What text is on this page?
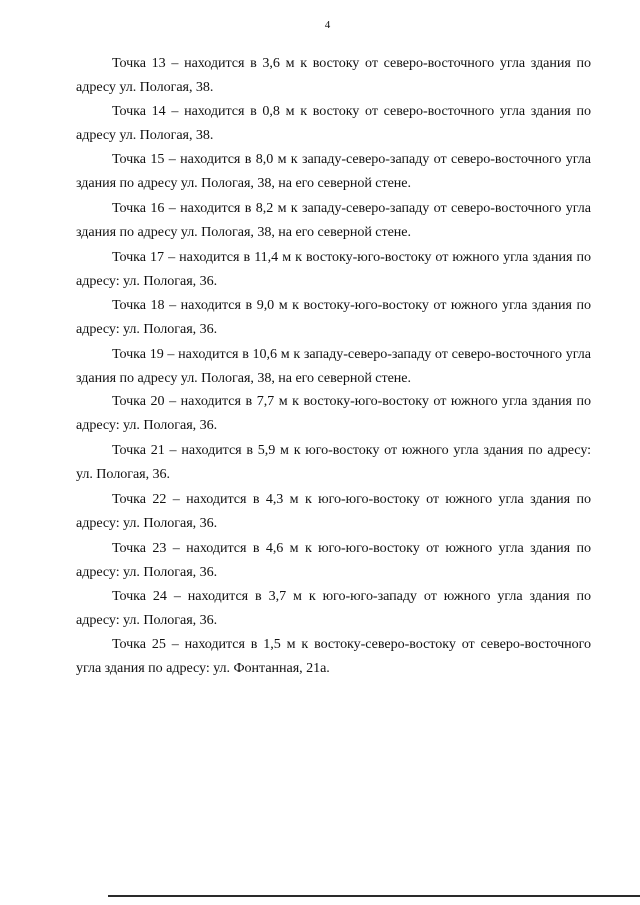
4

Точка 13 – находится в 3,6 м к востоку от северо-восточного угла здания по адресу ул. Пологая, 38.

Точка 14 – находится в 0,8 м к востоку от северо-восточного угла здания по адресу ул. Пологая, 38.

Точка 15 – находится в 8,0 м к западу-северо-западу от северо-восточного угла здания по адресу ул. Пологая, 38, на его северной стене.

Точка 16 – находится в 8,2 м к западу-северо-западу от северо-восточного угла здания по адресу ул. Пологая, 38, на его северной стене.

Точка 17 – находится в 11,4 м к востоку-юго-востоку от южного угла здания по адресу: ул. Пологая, 36.

Точка 18 – находится в 9,0 м к востоку-юго-востоку от южного угла здания по адресу: ул. Пологая, 36.

Точка 19 – находится в 10,6 м к западу-северо-западу от северо-восточного угла здания по адресу ул. Пологая, 38, на его северной стене.

Точка 20 – находится в 7,7 м к востоку-юго-востоку от южного угла здания по адресу: ул. Пологая, 36.

Точка 21 – находится в 5,9 м к юго-востоку от южного угла здания по адресу: ул. Пологая, 36.

Точка 22 – находится в 4,3 м к юго-юго-востоку от южного угла здания по адресу: ул. Пологая, 36.

Точка 23 – находится в 4,6 м к юго-юго-востоку от южного угла здания по адресу: ул. Пологая, 36.

Точка 24 – находится в 3,7 м к юго-юго-западу от южного угла здания по адресу: ул. Пологая, 36.

Точка 25 – находится в 1,5 м к востоку-северо-востоку от северо-восточного угла здания по адресу: ул. Фонтанная, 21а.
